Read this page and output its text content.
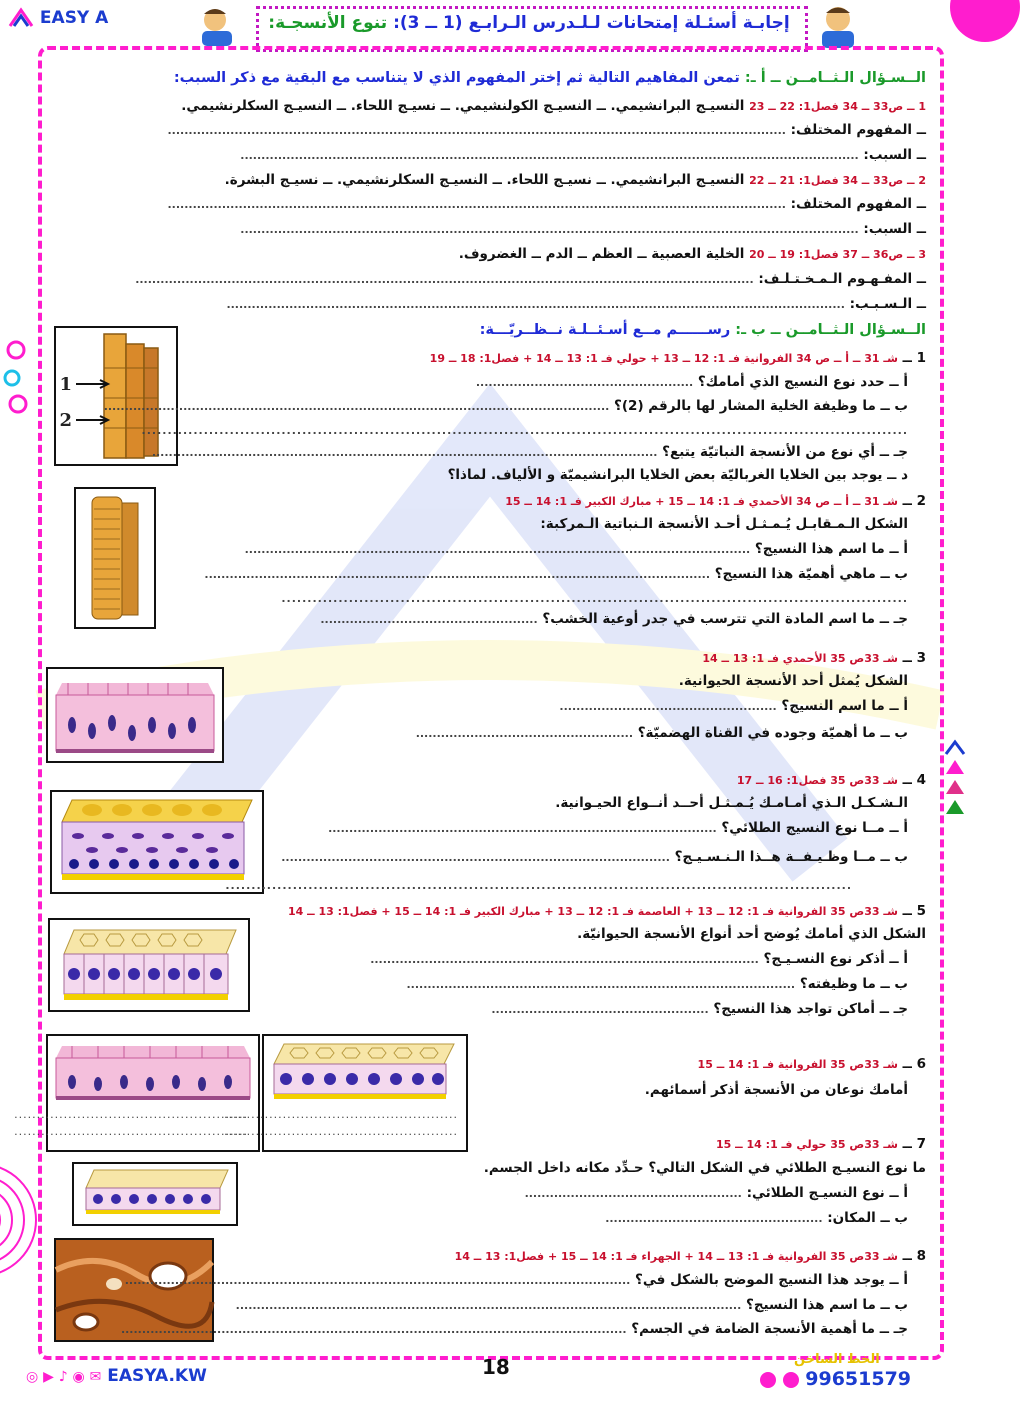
EASY A	إجابـة أسئـلة إمتحانات لـلـدرس الـرابـع (1 ــ 3): تنوع الأنسجـة:
الــسـؤال الـثــامــن ــ أ ـ: تمعن المفاهيم التالية ثم إختر المفهوم الذي لا يتناسب مع البقية مع ذكر السبب:
1 ــ ص33 ــ 34 فصل1: 22 ــ 23 النسيـج البرانشيمي. ــ النسيـج الكولنشيمي. ــ نسيـج اللحاء. ــ النسيـج السكلرنشيمي.
ــ المفهوم المختلف: ....................................................................................................................................................
ــ السبب: ....................................................................................................................................................
2 ــ ص33 ــ 34 فصل1: 21 ــ 22 النسيـج البرانشيمي. ــ نسيـج اللحاء. ــ النسيـج السكلرنشيمي. ــ نسيـج البشرة.
ــ المفهوم المختلف: ....................................................................................................................................................
ــ السبب: ....................................................................................................................................................
3 ــ ص36 ــ 37 فصل1: 19 ــ 20 الخلية العصبية ــ العظم ــ الدم ــ الغضروف.
ــ المفـهـوم الـمـخـتـلـف: ....................................................................................................................................................
ــ الـسـبـب: ....................................................................................................................................................
الــسـؤال الـثــامــن ــ ب ـ: رســــــم مــع أسـئــلـة نــظــريّـــة:
1
2
1 ــ شـ 31 ــ أ ــ ص 34 الفروانية فـ 1: 12 ــ 13 + حولي فـ 1: 13 ــ 14 + فصل1: 18 ــ 19
أ ــ حدد نوع النسيج الذي أمامك؟ ....................................................
ب ــ ما وظيفة الخلية المشار لها بالرقم (2)؟ .........................................................................................................................
....................................................................................................................................................
جـ ــ أي نوع من الأنسجة النباتيّة يتبع؟ .........................................................................................................................
د ــ يوجد بين الخلايا الغرباليّة بعض الخلايا البرانشيميّة و الألياف. لماذا؟
2 ــ شـ 31 ــ أ ــ ص 34 الأحمدي فـ 1: 14 ــ 15 + مبارك الكبير فـ 1: 14 ــ 15
الشكل الـمـقابـل يُـمـثـل أحـد الأنسجة الـنباتية الـمركبة:
أ ــ ما اسم هذا النسيج؟ .........................................................................................................................
ب ــ ماهي أهميّة هذا النسيج؟ .........................................................................................................................
.........................................................................................................................
جـ ــ ما اسم المادة التي تترسب في جدر أوعية الخشب؟ ....................................................
3 ــ شـ 33ص 35 الأحمدي فـ 1: 13 ــ 14
الشكل يُمثل أحد الأنسجة الحيوانية.
أ ــ ما اسم النسيج؟ ....................................................
ب ــ ما أهميّة وجوده في القناة الهضميّة؟ ....................................................
4 ــ شـ 33ص 35 فصل1: 16 ــ 17
الـشـكـل الـذي أمـامـك يُـمـثـل أحــد أنــواع الحيـوانية.
أ ــ مــا نوع النسيج الطلائي؟ .............................................................................................
ب ــ مــا وظـيـفــة هــذا الـنـسـيـج؟ .............................................................................................
.........................................................................................................................
5 ــ شـ 33ص 35 الفروانية فـ 1: 12 ــ 13 + العاصمة فـ 1: 12 ــ 13 + مبارك الكبير فـ 1: 14 ــ 15 + فصل1: 13 ــ 14
الشكل الذي أمامك يُوضح أحد أنواع الأنسجة الحيوانيّة.
أ ــ أذكر نوع النسـيـج؟ .............................................................................................
ب ــ ما وظيفته؟ .............................................................................................
جـ ــ أماكن تواجد هذا النسيج؟ ....................................................
....................................................
....................................................
....................................................
....................................................
6 ــ شـ 33ص 35 الفروانية فـ 1: 14 ــ 15
أمامك نوعان من الأنسجة أذكر أسمائهم.
7 ــ شـ 33ص 35 حولي فـ 1: 14 ــ 15
ما نوع النسيـج الطلائي في الشكل التالي؟ حـدِّد مكانه داخل الجسم.
أ ــ نوع النسيـج الطلائي: ....................................................
ب ــ المكان: ....................................................
8 ــ شـ 33ص 35 الفروانية فـ 1: 13 ــ 14 + الجهراء فـ 1: 14 ــ 15 + فصل1: 13 ــ 14
أ ــ يوجد هذا النسيج الموضح بالشكل في؟ .........................................................................................................................
ب ــ ما اسم هذا النسيج؟ .........................................................................................................................
جـ ــ ما أهمية الأنسجة الضامة في الجسم؟ .........................................................................................................................
◎ ▶ ♪ ◉ ✉ EASYA.KW	18	الخط الساخن
99651579
